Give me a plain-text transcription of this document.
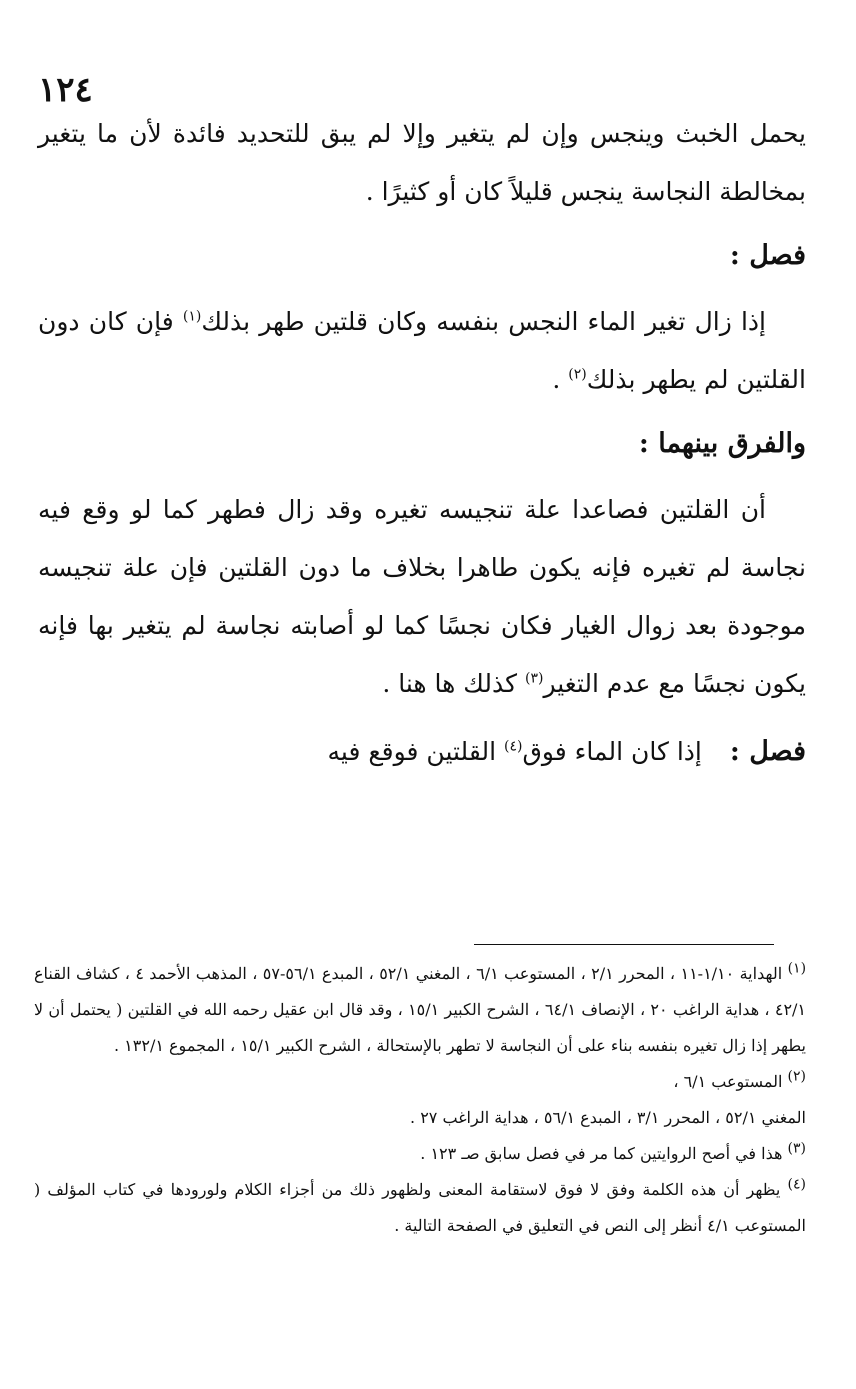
١٢٤

يحمل الخبث وينجس وإن لم يتغير وإلا لم يبق للتحديد فائدة لأن ما يتغير بمخالطة النجاسة ينجس قليلاً كان أو كثيرًا .

فصل :

إذا زال تغير الماء النجس بنفسه وكان قلتين طهر بذلك$^{(١)}$ فإن كان دون القلتين لم يطهر بذلك$^{(٢)}$ .

والفرق بينهما :

أن القلتين فصاعدا علة تنجيسه تغيره وقد زال فطهر كما لو وقع فيه نجاسة لم تغيره فإنه يكون طاهرا بخلاف ما دون القلتين فإن علة تنجيسه موجودة بعد زوال الغيار فكان نجسًا كما لو أصابته نجاسة لم يتغير بها فإنه يكون نجسًا مع عدم التغير$^{(٣)}$ كذلك ها هنا .

فصل :
إذا كان الماء فوق$^{(٤)}$ القلتين فوقع فيه

$^{(١)}$ الهداية ١/١٠-١١ ، المحرر ٢/١ ، المستوعب ٦/١ ، المغني ٥٢/١ ، المبدع ٥٦/١-٥٧ ، المذهب الأحمد ٤ ، كشاف القناع ٤٢/١ ، هداية الراغب ٢٠ ، الإنصاف ٦٤/١ ، الشرح الكبير ١٥/١ ، وقد قال ابن عقيل رحمه الله في القلتين ( يحتمل أن لا يطهر إذا زال تغيره بنفسه بناء على أن النجاسة لا تطهر بالإستحالة ، الشرح الكبير ١٥/١ ، المجموع ١٣٢/١ .

$^{(٢)}$ المستوعب ٦/١ ،

المغني ٥٢/١ ، المحرر ٣/١ ، المبدع ٥٦/١ ، هداية الراغب ٢٧ .

$^{(٣)}$ هذا في أصح الروايتين كما مر في فصل سابق صـ ١٢٣ .

$^{(٤)}$ يظهر أن هذه الكلمة وفق لا فوق لاستقامة المعنى ولظهور ذلك من أجزاء الكلام ولورودها في كتاب المؤلف ( المستوعب ٤/١ أنظر إلى النص في التعليق في الصفحة التالية .
